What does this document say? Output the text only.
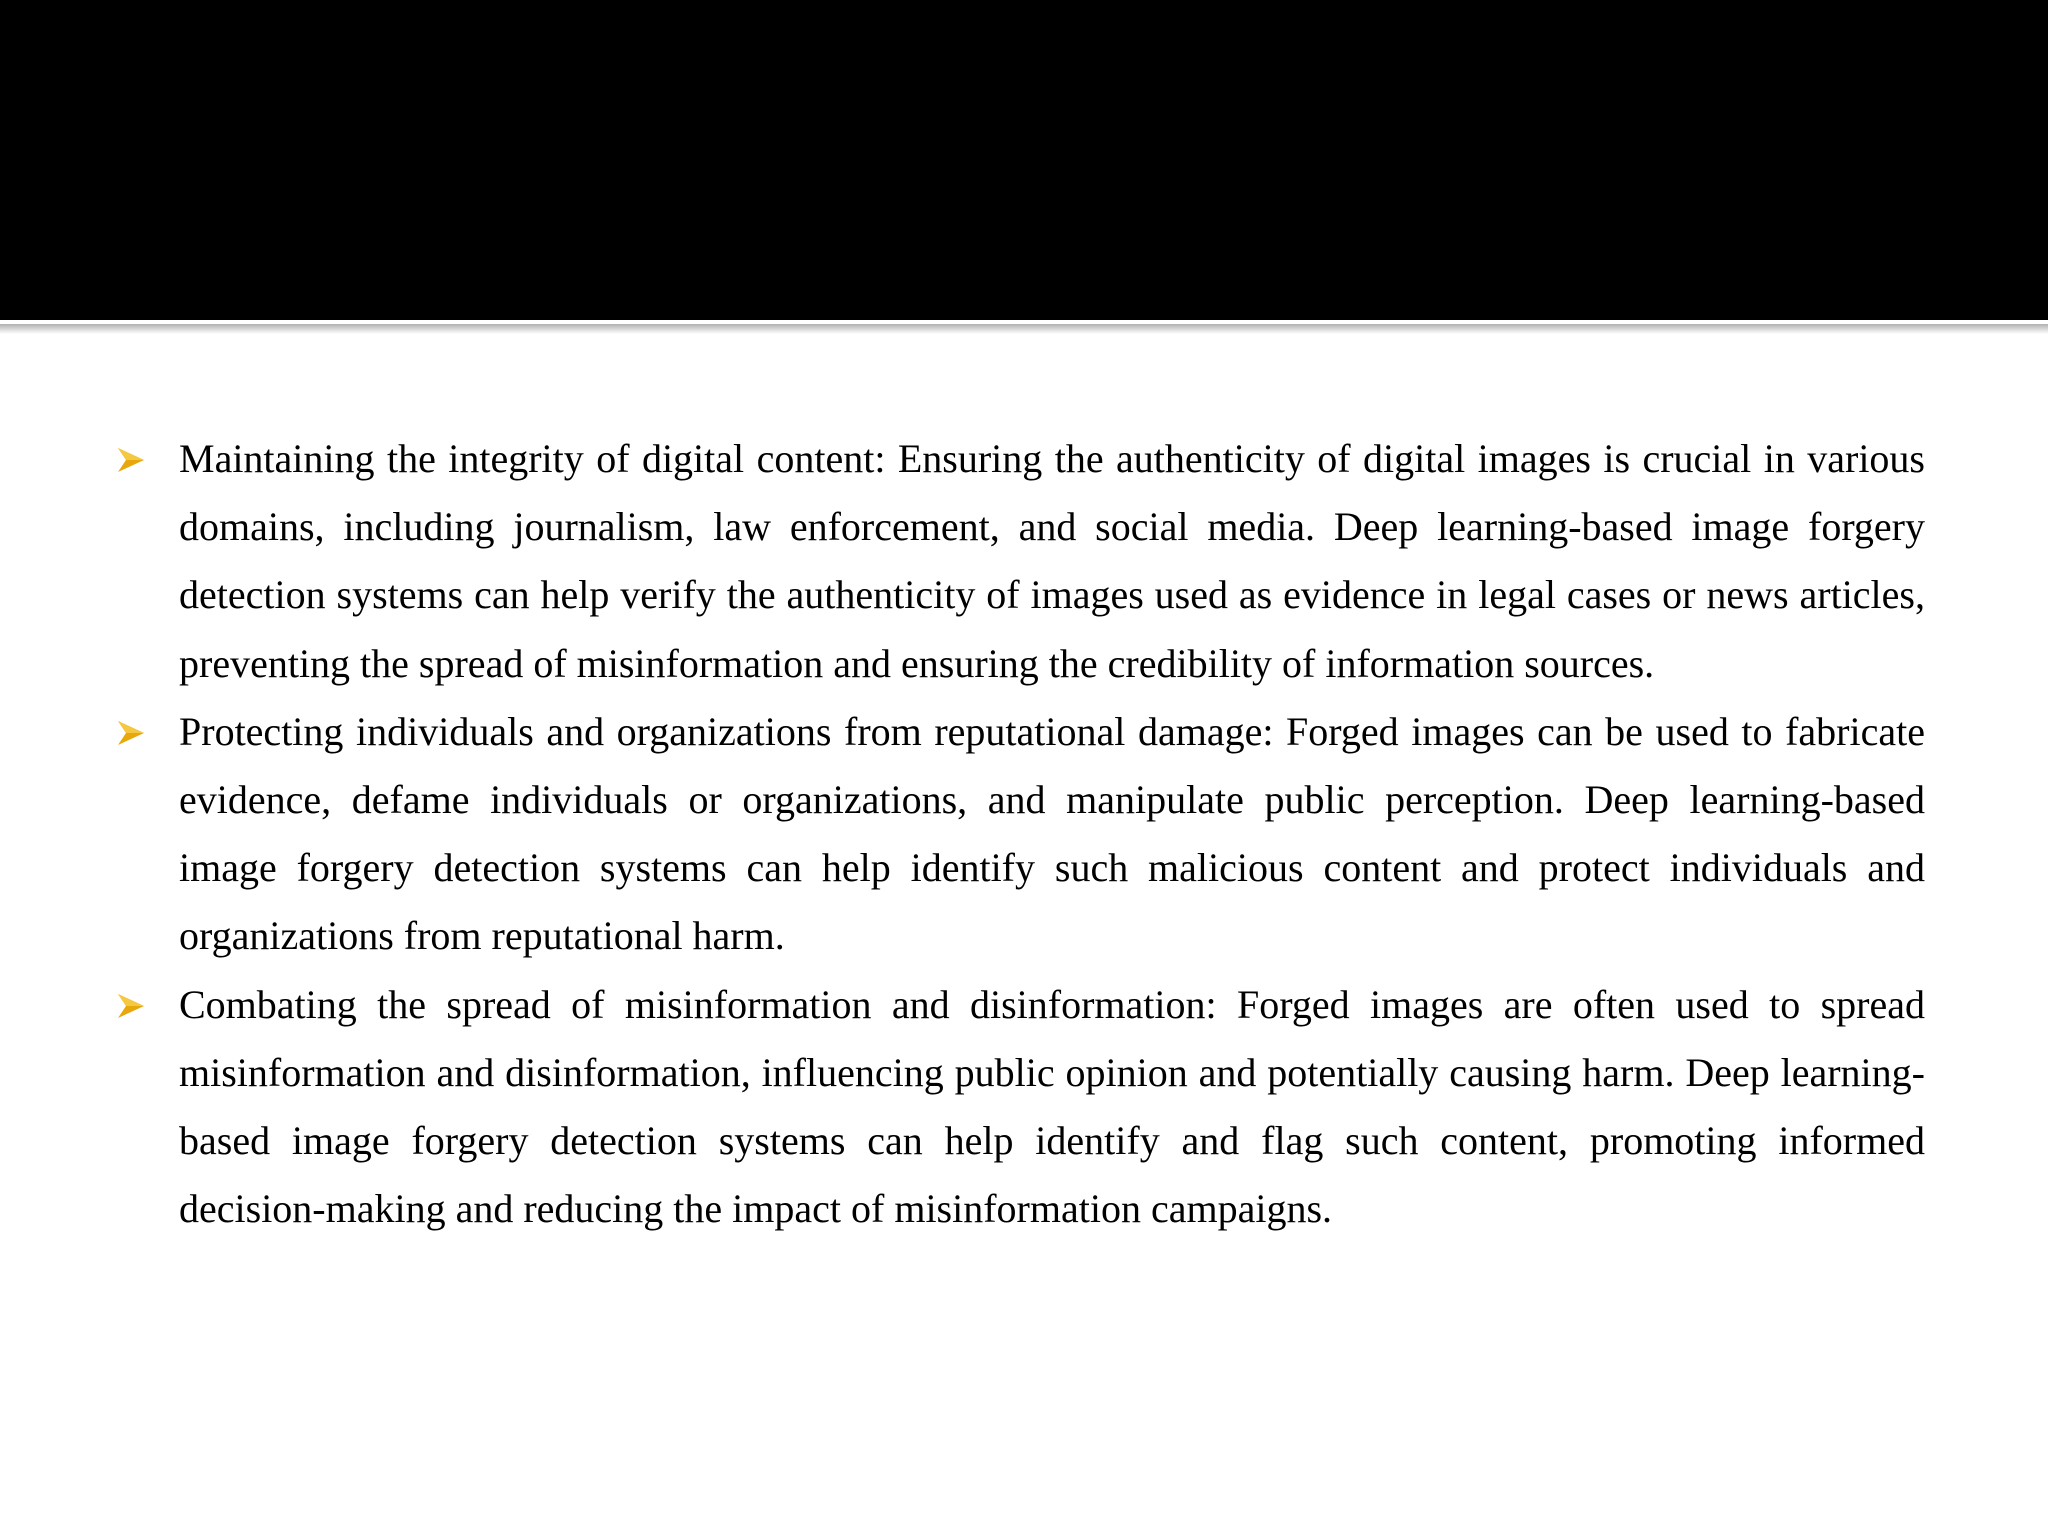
Maintaining the integrity of digital content: Ensuring the authenticity of digital images is crucial in various domains, including journalism, law enforcement, and social media. Deep learning-based image forgery detection systems can help verify the authenticity of images used as evidence in legal cases or news articles, preventing the spread of misinformation and ensuring the credibility of information sources.
Protecting individuals and organizations from reputational damage: Forged images can be used to fabricate evidence, defame individuals or organizations, and manipulate public perception. Deep learning-based image forgery detection systems can help identify such malicious content and protect individuals and organizations from reputational harm.
Combating the spread of misinformation and disinformation: Forged images are often used to spread misinformation and disinformation, influencing public opinion and potentially causing harm. Deep learning-based image forgery detection systems can help identify and flag such content, promoting informed decision-making and reducing the impact of misinformation campaigns.
